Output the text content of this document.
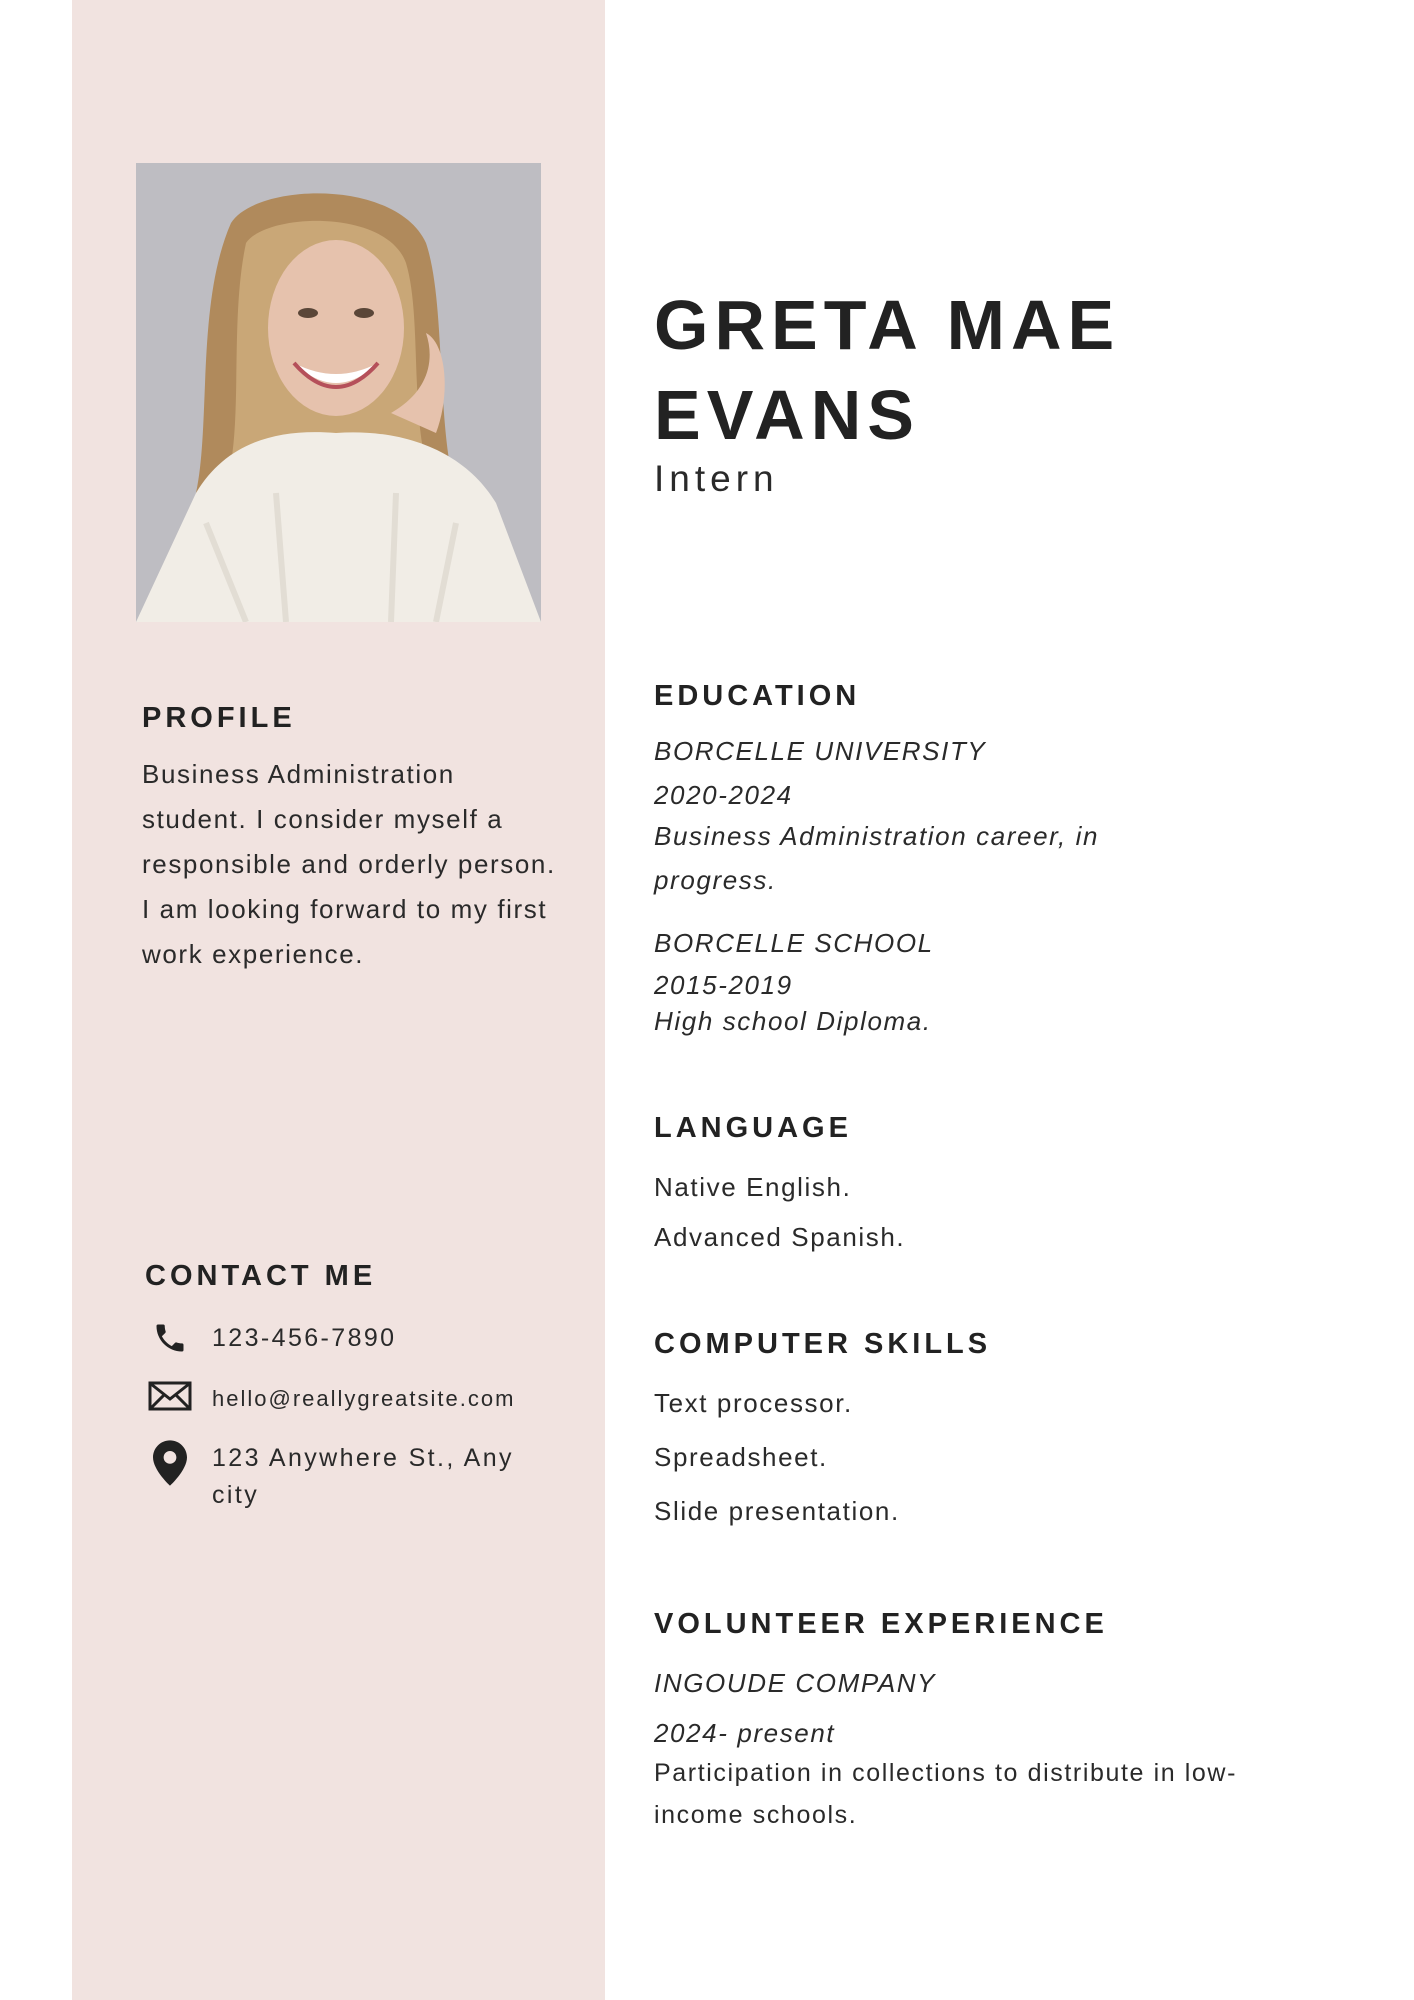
GRETA MAE
EVANS

Intern

PROFILE

Business Administration student. I consider myself a responsible and orderly person. I am looking forward to my first work experience.

CONTACT ME
123-456-7890
hello@reallygreatsite.com
123 Anywhere St., Any city
EDUCATION

BORCELLE UNIVERSITY

2020-2024

Business Administration career, in progress.

BORCELLE SCHOOL

2015-2019

High school Diploma.

LANGUAGE

Native English.

Advanced Spanish.

COMPUTER SKILLS

Text processor.

Spreadsheet.

Slide presentation.

VOLUNTEER EXPERIENCE

INGOUDE COMPANY

2024- present

Participation in collections to distribute in low-income schools.
